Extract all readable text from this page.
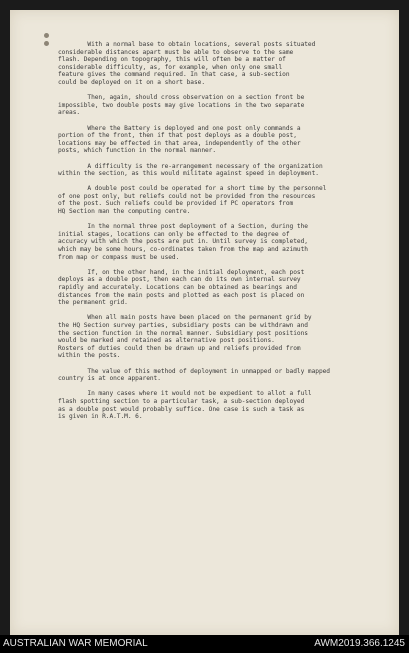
With a normal base to obtain locations, several posts situated
considerable distances apart must be able to observe to the same
flash. Depending on topography, this will often be a matter of
considerable difficulty, as, for example, when only one small
feature gives the command required. In that case, a sub-section
could be deployed on it on a short base.
Then, again, should cross observation on a section front be
impossible, two double posts may give locations in the two separate
areas.
Where the Battery is deployed and one post only commands a
portion of the front, then if that post deploys as a double post,
locations may be effected in that area, independently of the other
posts, which function in the normal manner.
A difficulty is the re-arrangement necessary of the organization
within the section, as this would militate against speed in deployment.
A double post could be operated for a short time by the personnel
of one post only, but reliefs could not be provided from the resources
of the post. Such reliefs could be provided if PC operators from
HQ Section man the computing centre.
In the normal three post deployment of a Section, during the
initial stages, locations can only be effected to the degree of
accuracy with which the posts are put in. Until survey is completed,
which may be some hours, co-ordinates taken from the map and azimuth
from map or compass must be used.
If, on the other hand, in the initial deployment, each post
deploys as a double post, then each can do its own internal survey
rapidly and accurately. Locations can be obtained as bearings and
distances from the main posts and plotted as each post is placed on
the permanent grid.
When all main posts have been placed on the permanent grid by
the HQ Section survey parties, subsidiary posts can be withdrawn and
the section function in the normal manner. Subsidiary post positions
would be marked and retained as alternative post positions.
Rosters of duties could then be drawn up and reliefs provided from
within the posts.
The value of this method of deployment in unmapped or badly mapped
country is at once apparent.
In many cases where it would not be expedient to allot a full
flash spotting section to a particular task, a sub-section deployed
as a double post would probably suffice. One case is such a task as
is given in R.A.T.M. 6.
AUSTRALIAN WAR MEMORIAL	AWM2019.366.1245
